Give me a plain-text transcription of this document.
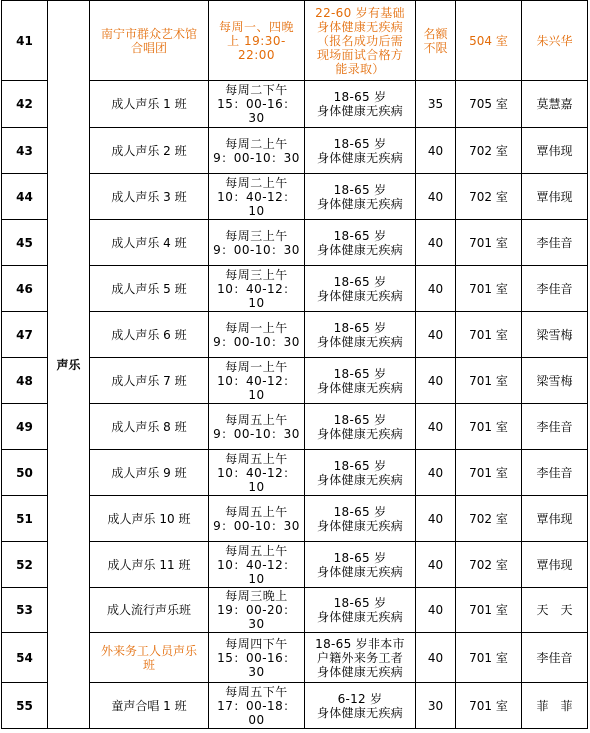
41	声乐	南宁市群众艺术馆
合唱团	每周一、四晚
上 19:30-22:00	22-60 岁有基础
身体健康无疾病
（报名成功后需
现场面试合格方
能录取）	名额
不限	504 室	朱兴华
42		成人声乐 1 班	每周二下午
15：00-16：30	18-65 岁
身体健康无疾病	35	705 室	莫慧嘉
43		成人声乐 2 班	每周二上午
9：00-10：30	18-65 岁
身体健康无疾病	40	702 室	覃伟现
44		成人声乐 3 班	每周二上午
10：40-12：10	18-65 岁
身体健康无疾病	40	702 室	覃伟现
45		成人声乐 4 班	每周三上午
9：00-10：30	18-65 岁
身体健康无疾病	40	701 室	李佳音
46		成人声乐 5 班	每周三上午
10：40-12：10	18-65 岁
身体健康无疾病	40	701 室	李佳音
47		成人声乐 6 班	每周一上午
9：00-10：30	18-65 岁
身体健康无疾病	40	701 室	梁雪梅
48		成人声乐 7 班	每周一上午
10：40-12：10	18-65 岁
身体健康无疾病	40	701 室	梁雪梅
49		成人声乐 8 班	每周五上午
9：00-10：30	18-65 岁
身体健康无疾病	40	701 室	李佳音
50		成人声乐 9 班	每周五上午
10：40-12：10	18-65 岁
身体健康无疾病	40	701 室	李佳音
51		成人声乐 10 班	每周五上午
9：00-10：30	18-65 岁
身体健康无疾病	40	702 室	覃伟现
52		成人声乐 11 班	每周五上午
10：40-12：10	18-65 岁
身体健康无疾病	40	702 室	覃伟现
53		成人流行声乐班	每周三晚上
19：00-20：30	18-65 岁
身体健康无疾病	40	701 室	天　天
54		外来务工人员声乐
班	每周四下午
15：00-16：30	18-65 岁非本市
户籍外来务工者
身体健康无疾病	40	701 室	李佳音
55		童声合唱 1 班	每周五下午
17：00-18：00	6-12 岁
身体健康无疾病	30	701 室	菲　菲
